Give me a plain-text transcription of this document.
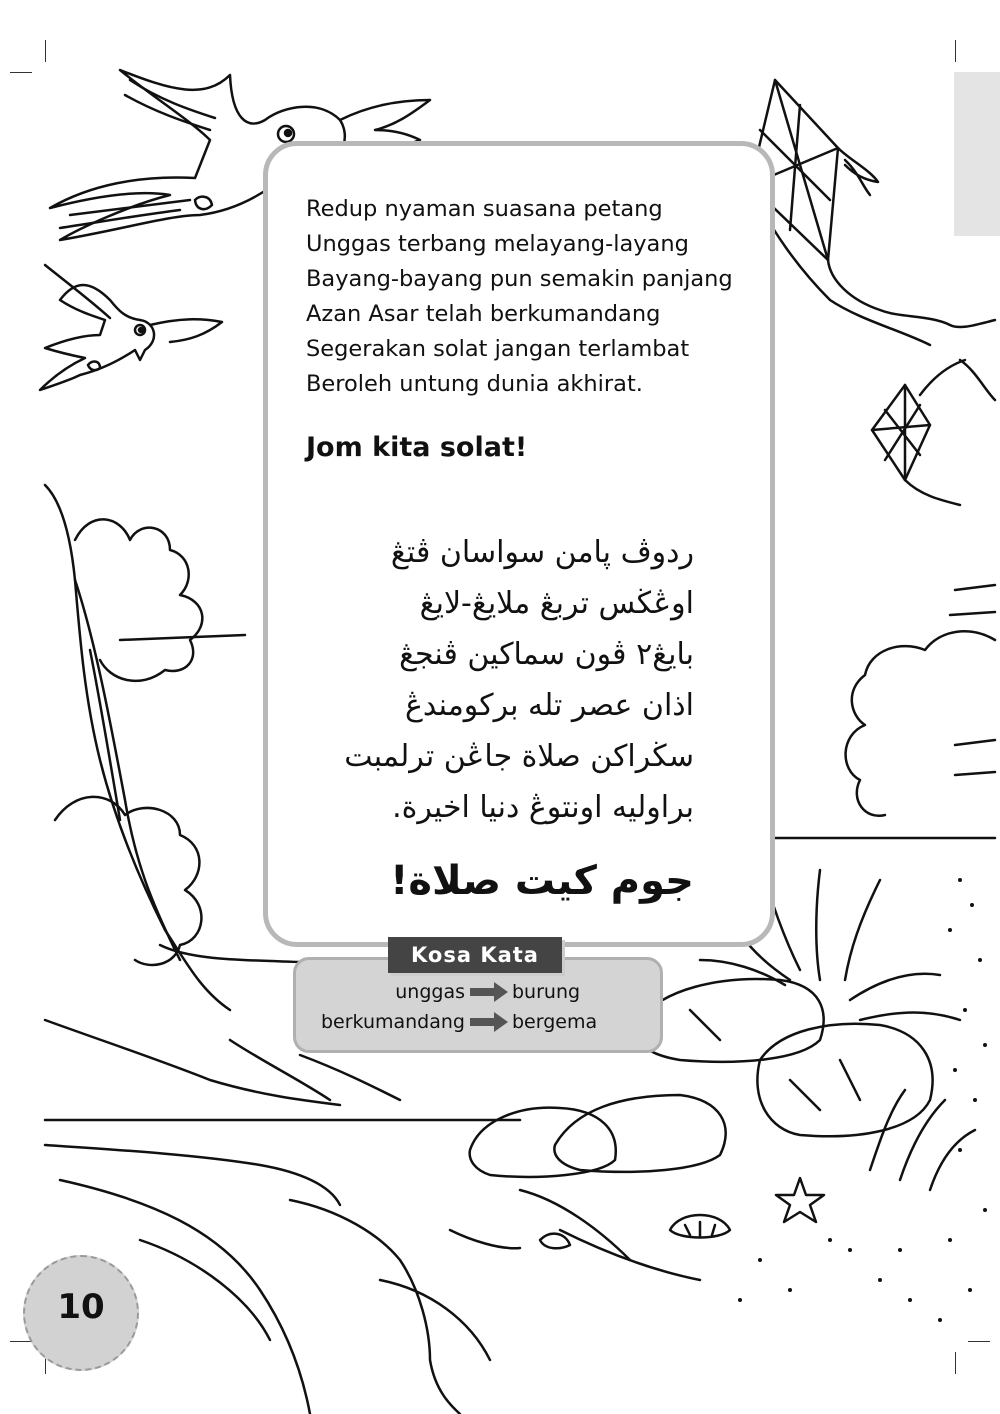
Redup nyaman suasana petang
Unggas terbang melayang-layang
Bayang-bayang pun semakin panjang
Azan Asar telah berkumandang
Segerakan solat jangan terlambat
Beroleh untung dunia akhirat.
Jom kita solat!
ردوڤ ڽامن سواسان ڤتڠ
اوڠڬس تربڠ ملايڠ-لايڠ
بايڠ٢ ڤون سماكين ڤنجڠ
اذان عصر تله بركومندڠ
سڬراكن صلاة جاڠن ترلمبت
براوليه اونتوڠ دنيا اخيرة.
جوم كيت صلاة!
Kosa Kata
unggas burung
berkumandang bergema
10
